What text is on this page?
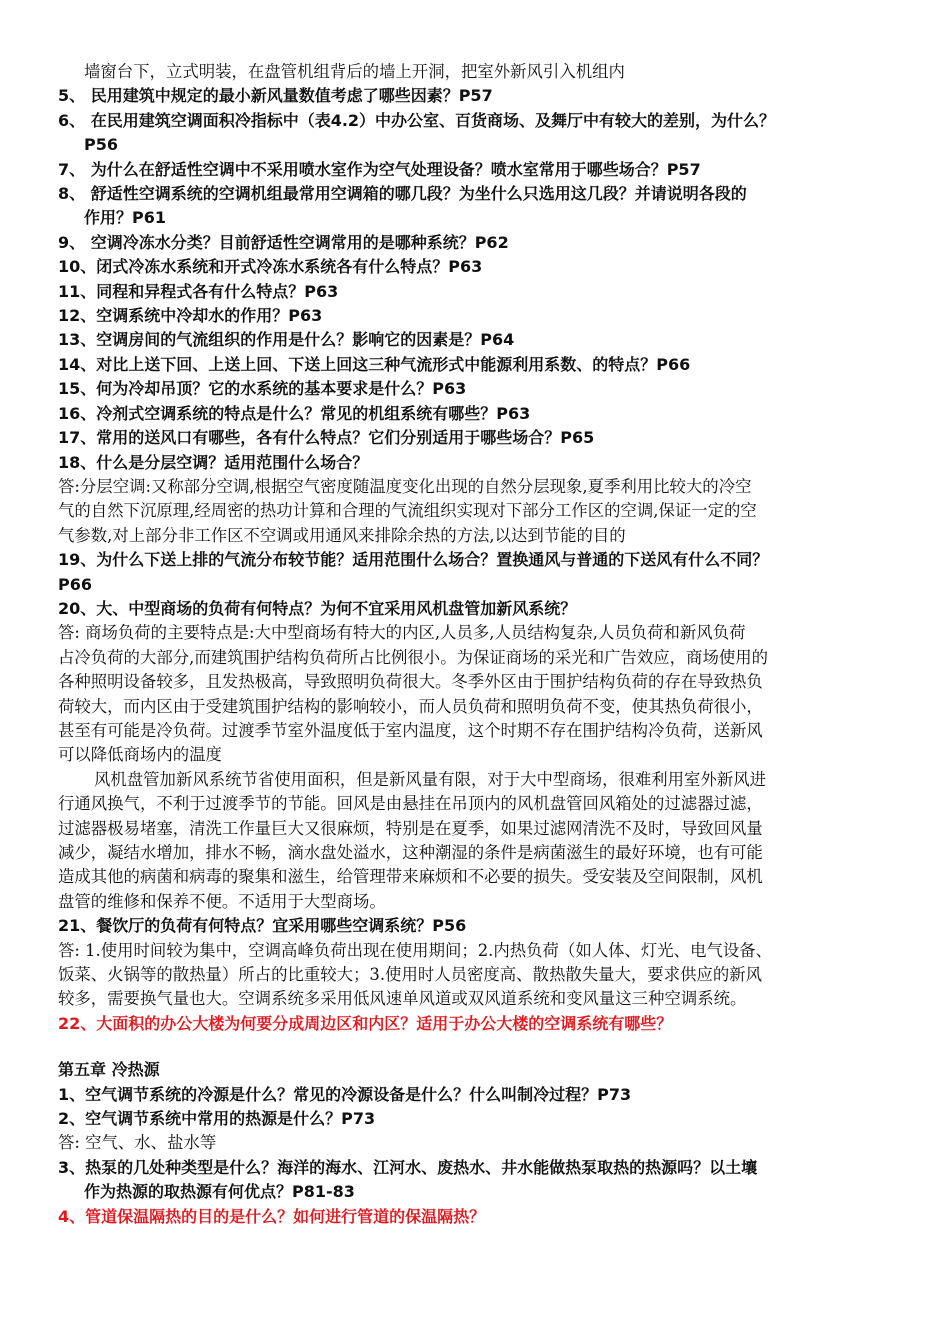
墙窗台下，立式明装，在盘管机组背后的墙上开洞，把室外新风引入机组内
5、 民用建筑中规定的最小新风量数值考虑了哪些因素？P57
6、 在民用建筑空调面积冷指标中（表4.2）中办公室、百货商场、及舞厅中有较大的差别，为什么？
P56
7、 为什么在舒适性空调中不采用喷水室作为空气处理设备？喷水室常用于哪些场合？P57
8、 舒适性空调系统的空调机组最常用空调箱的哪几段？为坐什么只选用这几段？并请说明各段的
作用？P61
9、 空调冷冻水分类？目前舒适性空调常用的是哪种系统？P62
10、闭式冷冻水系统和开式冷冻水系统各有什么特点？P63
11、同程和异程式各有什么特点？P63
12、空调系统中冷却水的作用？P63
13、空调房间的气流组织的作用是什么？影响它的因素是？P64
14、对比上送下回、上送上回、下送上回这三种气流形式中能源利用系数、的特点？P66
15、何为冷却吊顶？它的水系统的基本要求是什么？P63
16、冷剂式空调系统的特点是什么？常见的机组系统有哪些？P63
17、常用的送风口有哪些，各有什么特点？它们分别适用于哪些场合？P65
18、什么是分层空调？适用范围什么场合？
答:分层空调:又称部分空调,根据空气密度随温度变化出现的自然分层现象,夏季利用比较大的冷空
气的自然下沉原理,经周密的热功计算和合理的气流组织实现对下部分工作区的空调,保证一定的空
气参数,对上部分非工作区不空调或用通风来排除余热的方法,以达到节能的目的
19、为什么下送上排的气流分布较节能？适用范围什么场合？置换通风与普通的下送风有什么不同？
P66
20、大、中型商场的负荷有何特点？为何不宜采用风机盘管加新风系统？
答: 商场负荷的主要特点是:大中型商场有特大的内区,人员多,人员结构复杂,人员负荷和新风负荷
占冷负荷的大部分,而建筑围护结构负荷所占比例很小。为保证商场的采光和广告效应，商场使用的
各种照明设备较多，且发热极高，导致照明负荷很大。冬季外区由于围护结构负荷的存在导致热负
荷较大，而内区由于受建筑围护结构的影响较小，而人员负荷和照明负荷不变，使其热负荷很小，
甚至有可能是冷负荷。过渡季节室外温度低于室内温度，这个时期不存在围护结构冷负荷，送新风
可以降低商场内的温度
风机盘管加新风系统节省使用面积，但是新风量有限，对于大中型商场，很难利用室外新风进
行通风换气，不利于过渡季节的节能。回风是由悬挂在吊顶内的风机盘管回风箱处的过滤器过滤，
过滤器极易堵塞，清洗工作量巨大又很麻烦，特别是在夏季，如果过滤网清洗不及时，导致回风量
减少，凝结水增加，排水不畅，滴水盘处溢水，这种潮湿的条件是病菌滋生的最好环境，也有可能
造成其他的病菌和病毒的聚集和滋生，给管理带来麻烦和不必要的损失。受安装及空间限制，风机
盘管的维修和保养不便。不适用于大型商场。
21、餐饮厅的负荷有何特点？宜采用哪些空调系统？P56
答: 1.使用时间较为集中，空调高峰负荷出现在使用期间；2.内热负荷（如人体、灯光、电气设备、
饭菜、火锅等的散热量）所占的比重较大；3.使用时人员密度高、散热散失量大，要求供应的新风
较多，需要换气量也大。空调系统多采用低风速单风道或双风道系统和变风量这三种空调系统。
22、大面积的办公大楼为何要分成周边区和内区？适用于办公大楼的空调系统有哪些？
第五章 冷热源
1、空气调节系统的冷源是什么？常见的冷源设备是什么？什么叫制冷过程？P73
2、空气调节系统中常用的热源是什么？P73
答: 空气、水、盐水等
3、热泵的几处种类型是什么？海洋的海水、江河水、废热水、井水能做热泵取热的热源吗？以土壤
作为热源的取热源有何优点？P81-83
4、管道保温隔热的目的是什么？如何进行管道的保温隔热？
